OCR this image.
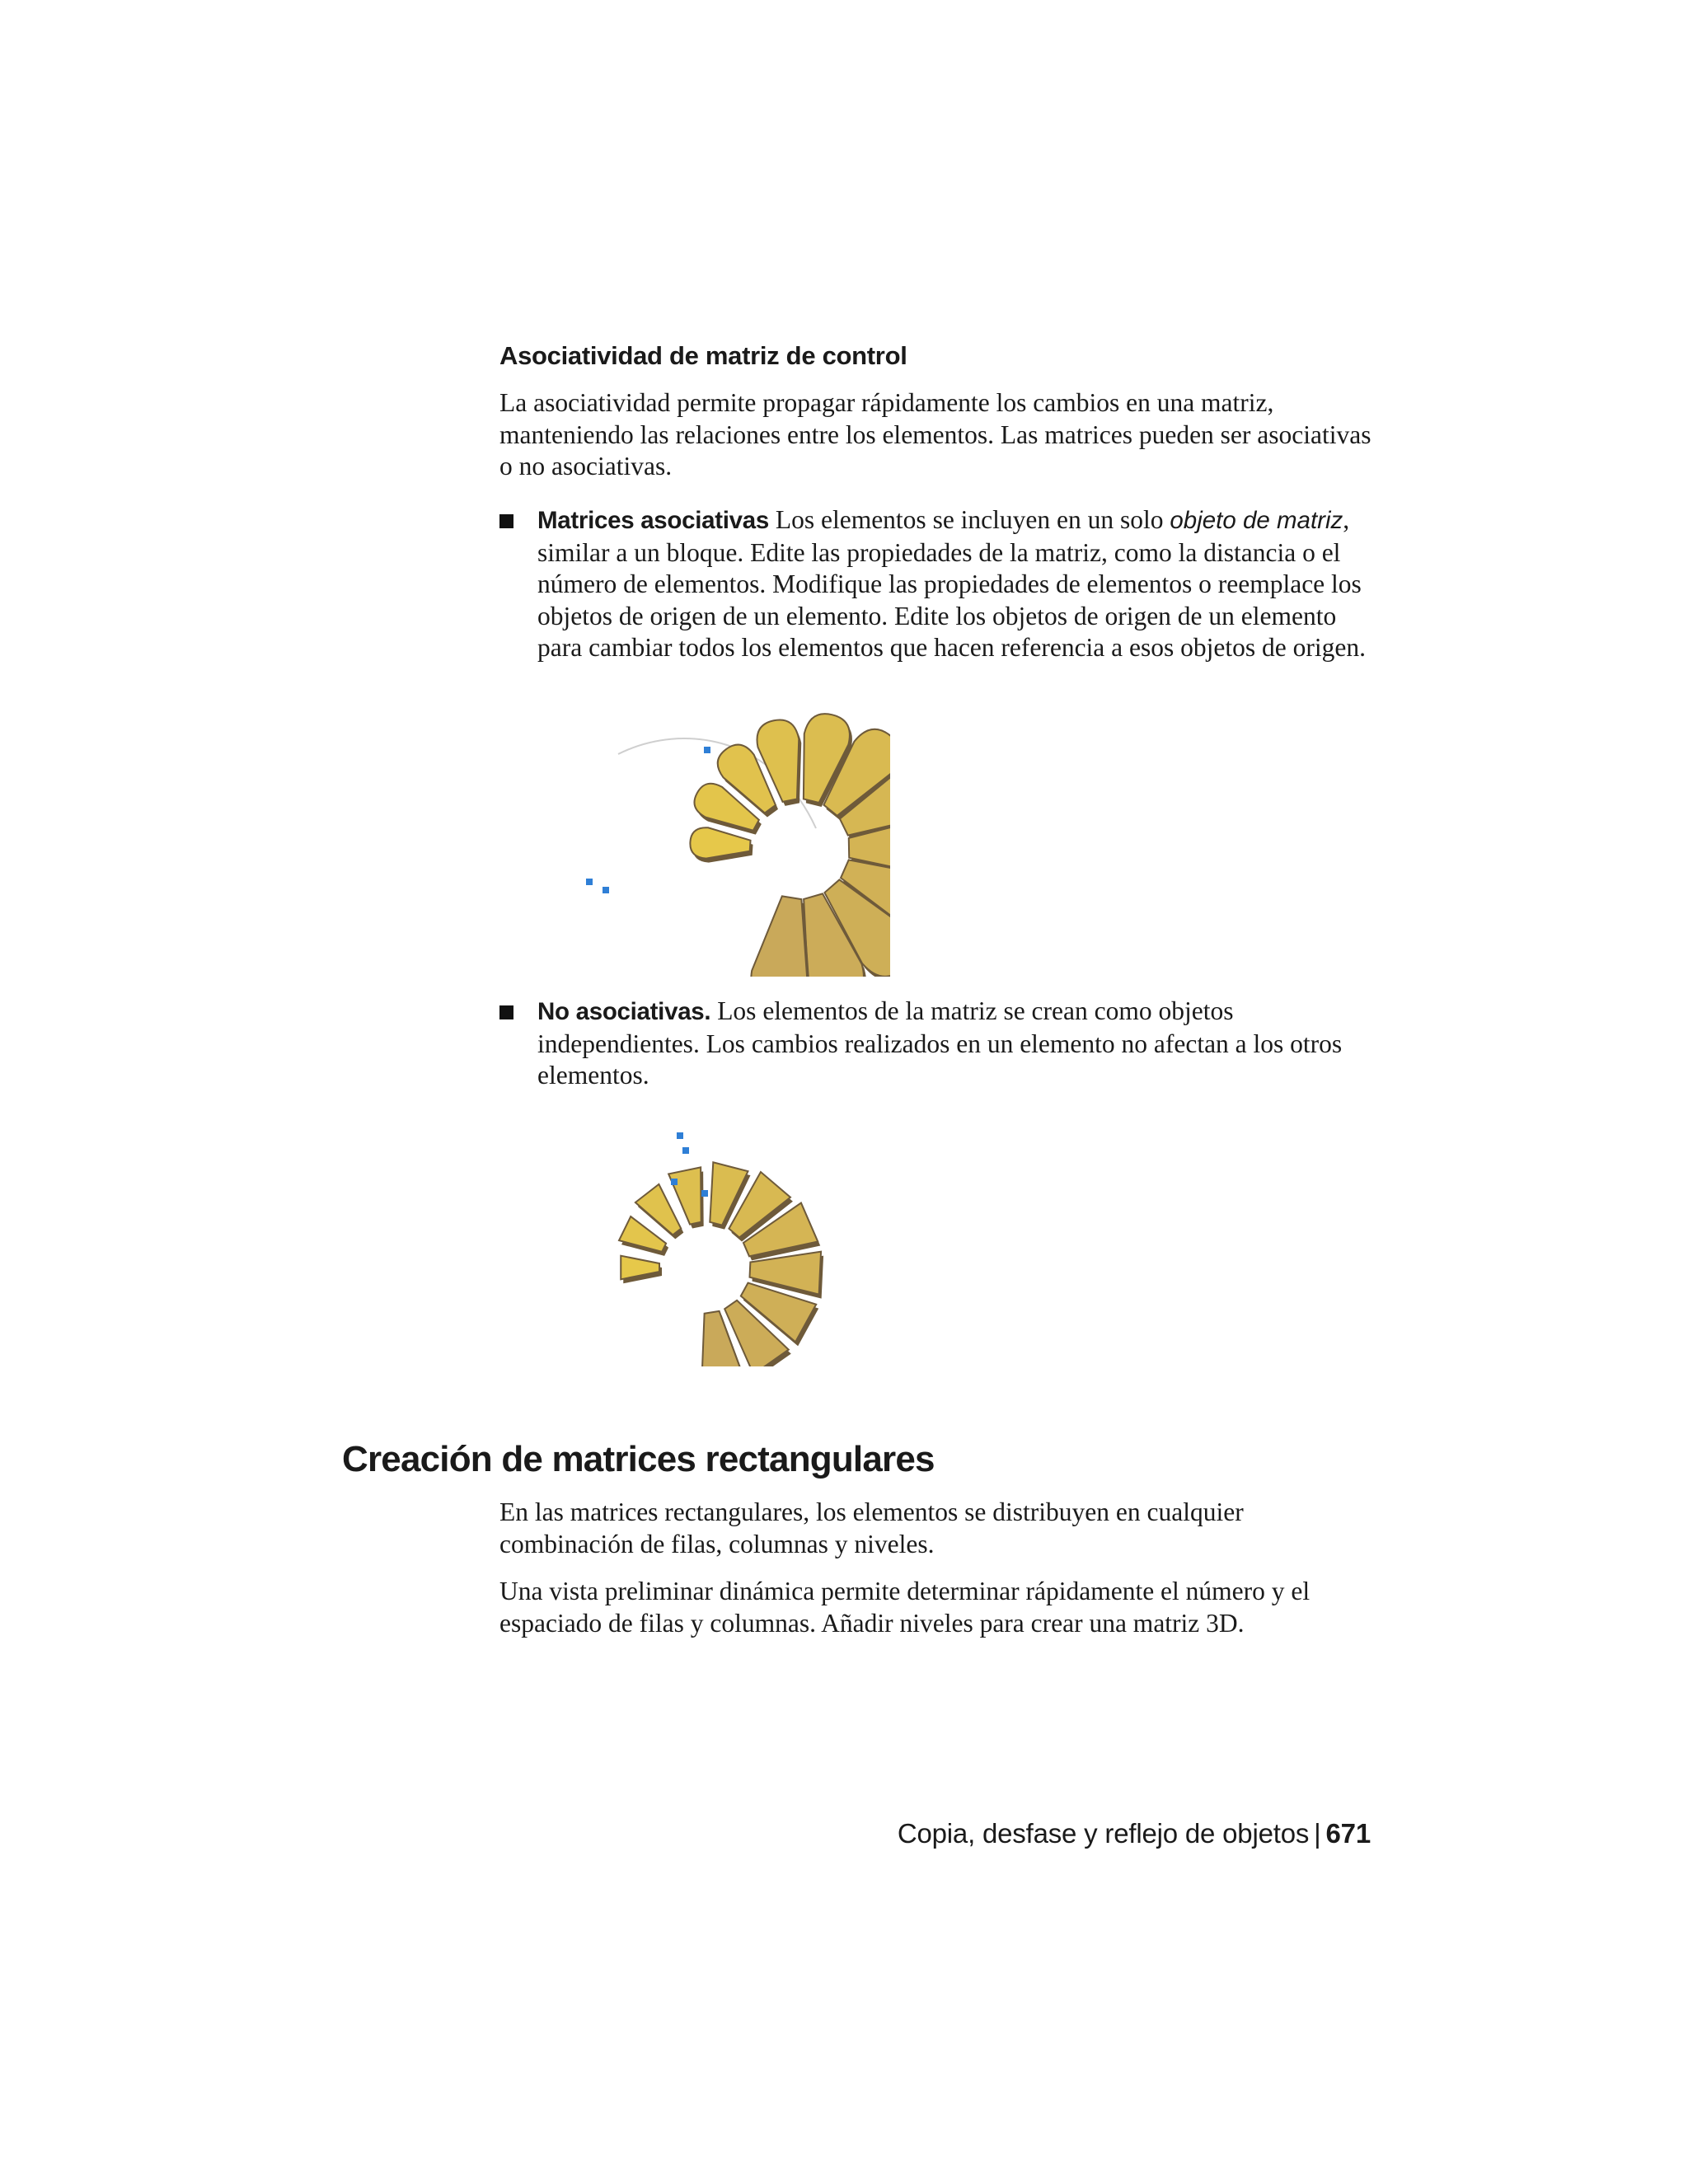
Asociatividad de matriz de control

La asociatividad permite propagar rápidamente los cambios en una matriz, manteniendo las relaciones entre los elementos. Las matrices pueden ser asociativas o no asociativas.

Matrices asociativas Los elementos se incluyen en un solo objeto de matriz, similar a un bloque. Edite las propiedades de la matriz, como la distancia o el número de elementos. Modifique las propiedades de elementos o reemplace los objetos de origen de un elemento. Edite los objetos de origen de un elemento para cambiar todos los elementos que hacen referencia a esos objetos de origen.

No asociativas. Los elementos de la matriz se crean como objetos independientes. Los cambios realizados en un elemento no afectan a los otros elementos.

Creación de matrices rectangulares

En las matrices rectangulares, los elementos se distribuyen en cualquier combinación de filas, columnas y niveles.

Una vista preliminar dinámica permite determinar rápidamente el número y el espaciado de filas y columnas. Añadir niveles para crear una matriz 3D.

Copia, desfase y reflejo de objetos | 671
